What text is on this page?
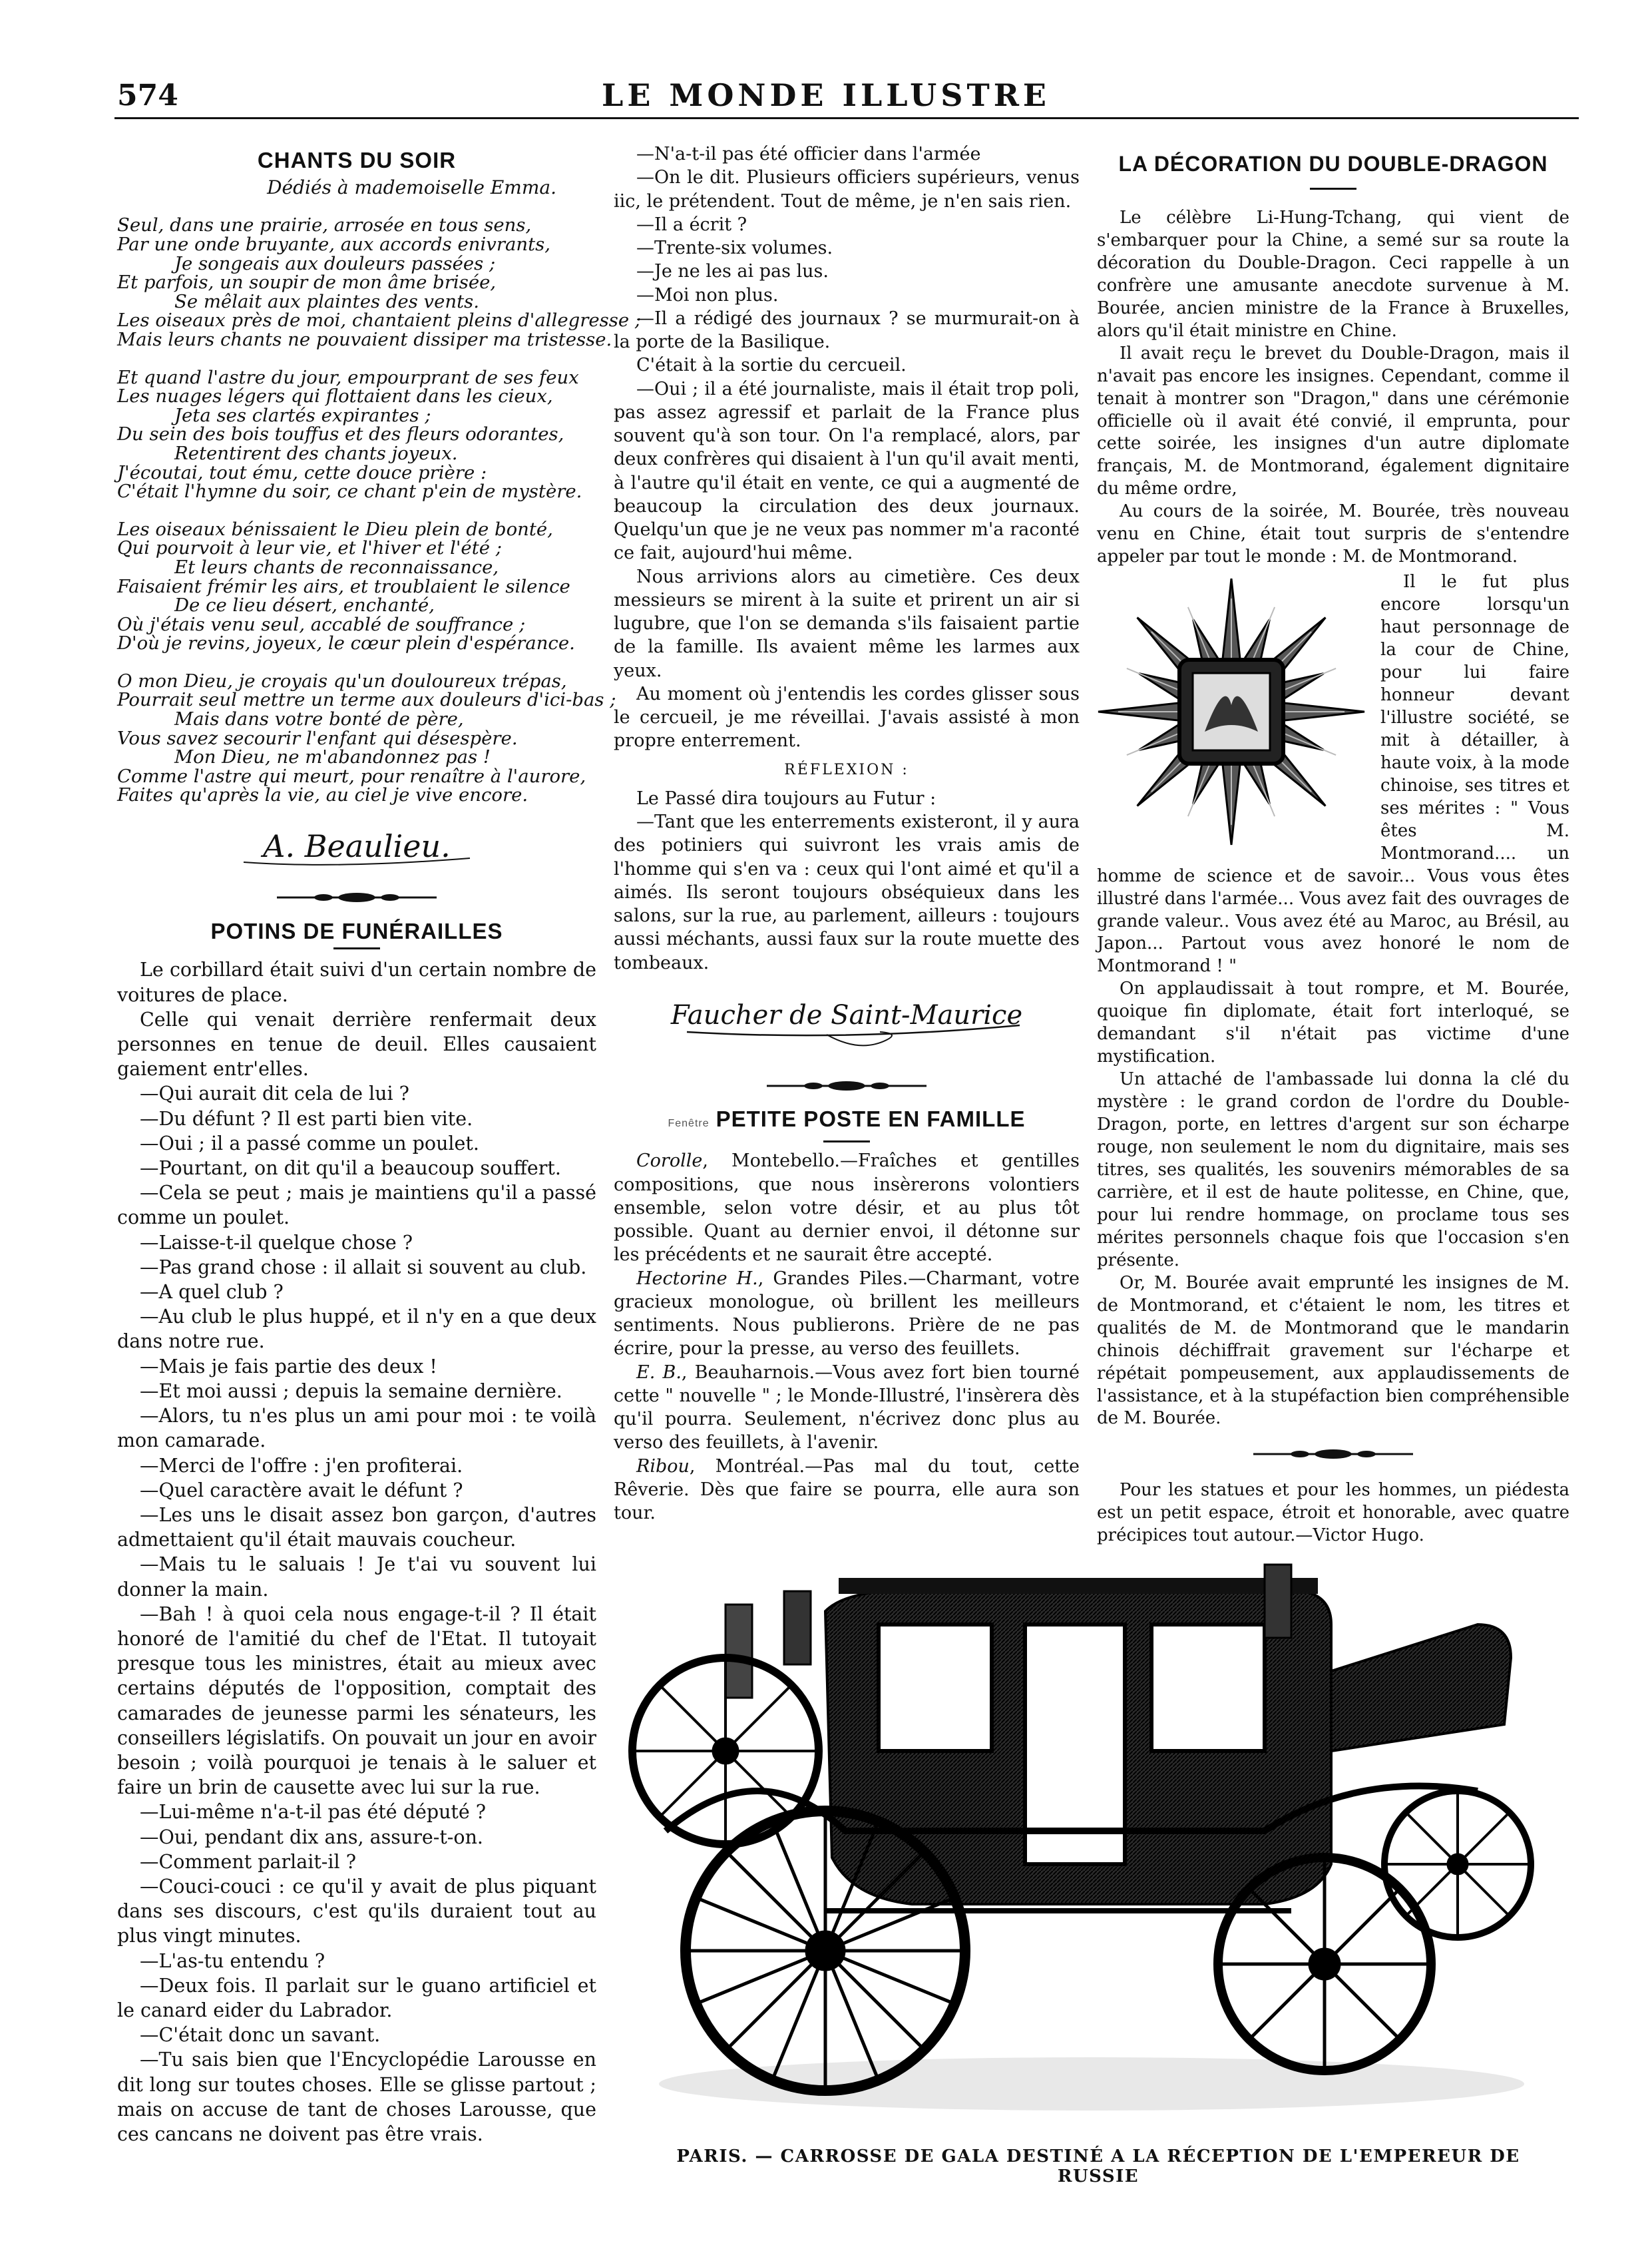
574	LE MONDE ILLUSTRE
CHANTS DU SOIR
Dédiés à mademoiselle Emma.
Seul, dans une prairie, arrosée en tous sens,
Par une onde bruyante, aux accords enivrants,
Je songeais aux douleurs passées ;
Et parfois, un soupir de mon âme brisée,
Se mêlait aux plaintes des vents.
Les oiseaux près de moi, chantaient pleins d'allegresse ;
Mais leurs chants ne pouvaient dissiper ma tristesse.
Et quand l'astre du jour, empourprant de ses feux
Les nuages légers qui flottaient dans les cieux,
Jeta ses clartés expirantes ;
Du sein des bois touffus et des fleurs odorantes,
Retentirent des chants joyeux.
J'écoutai, tout ému, cette douce prière :
C'était l'hymne du soir, ce chant p'ein de mystère.
Les oiseaux bénissaient le Dieu plein de bonté,
Qui pourvoit à leur vie, et l'hiver et l'été ;
Et leurs chants de reconnaissance,
Faisaient frémir les airs, et troublaient le silence
De ce lieu désert, enchanté,
Où j'étais venu seul, accablé de souffrance ;
D'où je revins, joyeux, le cœur plein d'espérance.
O mon Dieu, je croyais qu'un douloureux trépas,
Pourrait seul mettre un terme aux douleurs d'ici-bas ;
Mais dans votre bonté de père,
Vous savez secourir l'enfant qui désespère.
Mon Dieu, ne m'abandonnez pas !
Comme l'astre qui meurt, pour renaître à l'aurore,
Faites qu'après la vie, au ciel je vive encore.
A. Beaulieu.
POTINS DE FUNÉRAILLES

Le corbillard était suivi d'un certain nombre de voitures de place.

Celle qui venait derrière renfermait deux personnes en tenue de deuil. Elles causaient gaiement entr'elles.

—Qui aurait dit cela de lui ?

—Du défunt ? Il est parti bien vite.

—Oui ; il a passé comme un poulet.

—Pourtant, on dit qu'il a beaucoup souffert.

—Cela se peut ; mais je maintiens qu'il a passé comme un poulet.

—Laisse-t-il quelque chose ?

—Pas grand chose : il allait si souvent au club.

—A quel club ?

—Au club le plus huppé, et il n'y en a que deux dans notre rue.

—Mais je fais partie des deux !

—Et moi aussi ; depuis la semaine dernière.

—Alors, tu n'es plus un ami pour moi : te voilà mon camarade.

—Merci de l'offre : j'en profiterai.

—Quel caractère avait le défunt ?

—Les uns le disait assez bon garçon, d'autres admettaient qu'il était mauvais coucheur.

—Mais tu le saluais ! Je t'ai vu souvent lui donner la main.

—Bah ! à quoi cela nous engage-t-il ? Il était honoré de l'amitié du chef de l'Etat. Il tutoyait presque tous les ministres, était au mieux avec certains députés de l'opposition, comptait des camarades de jeunesse parmi les sénateurs, les conseillers législatifs. On pouvait un jour en avoir besoin ; voilà pourquoi je tenais à le saluer et faire un brin de causette avec lui sur la rue.

—Lui-même n'a-t-il pas été député ?

—Oui, pendant dix ans, assure-t-on.

—Comment parlait-il ?

—Couci-couci : ce qu'il y avait de plus piquant dans ses discours, c'est qu'ils duraient tout au plus vingt minutes.

—L'as-tu entendu ?

—Deux fois. Il parlait sur le guano artificiel et le canard eider du Labrador.

—C'était donc un savant.

—Tu sais bien que l'Encyclopédie Larousse en dit long sur toutes choses. Elle se glisse partout ; mais on accuse de tant de choses Larousse, que ces cancans ne doivent pas être vrais.

—N'a-t-il pas été officier dans l'armée

—On le dit. Plusieurs officiers supérieurs, venus iic, le prétendent. Tout de même, je n'en sais rien.

—Il a écrit ?

—Trente-six volumes.

—Je ne les ai pas lus.

—Moi non plus.

—Il a rédigé des journaux ? se murmurait-on à la porte de la Basilique.

C'était à la sortie du cercueil.

—Oui ; il a été journaliste, mais il était trop poli, pas assez agressif et parlait de la France plus souvent qu'à son tour. On l'a remplacé, alors, par deux confrères qui disaient à l'un qu'il avait menti, à l'autre qu'il était en vente, ce qui a augmenté de beaucoup la circulation des deux journaux. Quelqu'un que je ne veux pas nommer m'a raconté ce fait, aujourd'hui même.

Nous arrivions alors au cimetière. Ces deux messieurs se mirent à la suite et prirent un air si lugubre, que l'on se demanda s'ils faisaient partie de la famille. Ils avaient même les larmes aux yeux.

Au moment où j'entendis les cordes glisser sous le cercueil, je me réveillai. J'avais assisté à mon propre enterrement.

RÉFLEXION :

Le Passé dira toujours au Futur :

—Tant que les enterrements existeront, il y aura des potiniers qui suivront les vrais amis de l'homme qui s'en va : ceux qui l'ont aimé et qu'il a aimés. Ils seront toujours obséquieux dans les salons, sur la rue, au parlement, ailleurs : toujours aussi méchants, aussi faux sur la route muette des tombeaux.

Faucher de Saint-Maurice
Fenêtre PETITE POSTE EN FAMILLE

Corolle, Montebello.—Fraîches et gentilles compositions, que nous insèrerons volontiers ensemble, selon votre désir, et au plus tôt possible. Quant au dernier envoi, il détonne sur les précédents et ne saurait être accepté.

Hectorine H., Grandes Piles.—Charmant, votre gracieux monologue, où brillent les meilleurs sentiments. Nous publierons. Prière de ne pas écrire, pour la presse, au verso des feuillets.

E. B., Beauharnois.—Vous avez fort bien tourné cette " nouvelle " ; le Monde-Illustré, l'insèrera dès qu'il pourra. Seulement, n'écrivez donc plus au verso des feuillets, à l'avenir.

Ribou, Montréal.—Pas mal du tout, cette Rêverie. Dès que faire se pourra, elle aura son tour.

LA DÉCORATION DU DOUBLE-DRAGON

Le célèbre Li-Hung-Tchang, qui vient de s'embarquer pour la Chine, a semé sur sa route la décoration du Double-Dragon. Ceci rappelle à un confrère une amusante anecdote survenue à M. Bourée, ancien ministre de la France à Bruxelles, alors qu'il était ministre en Chine.

Il avait reçu le brevet du Double-Dragon, mais il n'avait pas encore les insignes. Cependant, comme il tenait à montrer son "Dragon," dans une cérémonie officielle où il avait été convié, il emprunta, pour cette soirée, les insignes d'un autre diplomate français, M. de Montmorand, également dignitaire du même ordre,

Au cours de la soirée, M. Bourée, très nouveau venu en Chine, était tout surpris de s'entendre appeler par tout le monde : M. de Montmorand.

Il le fut plus encore lorsqu'un haut personnage de la cour de Chine, pour lui faire honneur devant l'illustre société, se mit à détailler, à haute voix, à la mode chinoise, ses titres et ses mérites : " Vous êtes M. Montmorand.... un homme de science et de savoir... Vous vous êtes illustré dans l'armée... Vous avez fait des ouvrages de grande valeur.. Vous avez été au Maroc, au Brésil, au Japon... Partout vous avez honoré le nom de Montmorand ! "

On applaudissait à tout rompre, et M. Bourée, quoique fin diplomate, était fort interloqué, se demandant s'il n'était pas victime d'une mystification.

Un attaché de l'ambassade lui donna la clé du mystère : le grand cordon de l'ordre du Double-Dragon, porte, en lettres d'argent sur son écharpe rouge, non seulement le nom du dignitaire, mais ses titres, ses qualités, les souvenirs mémorables de sa carrière, et il est de haute politesse, en Chine, que, pour lui rendre hommage, on proclame tous ses mérites personnels chaque fois que l'occasion s'en présente.

Or, M. Bourée avait emprunté les insignes de M. de Montmorand, et c'étaient le nom, les titres et qualités de M. de Montmorand que le mandarin chinois déchiffrait gravement sur l'écharpe et répétait pompeusement, aux applaudissements de l'assistance, et à la stupéfaction bien compréhensible de M. Bourée.

Pour les statues et pour les hommes, un piédesta est un petit espace, étroit et honorable, avec quatre précipices tout autour.—Victor Hugo.

PARIS. — CARROSSE DE GALA DESTINÉ A LA RÉCEPTION DE L'EMPEREUR DE RUSSIE
